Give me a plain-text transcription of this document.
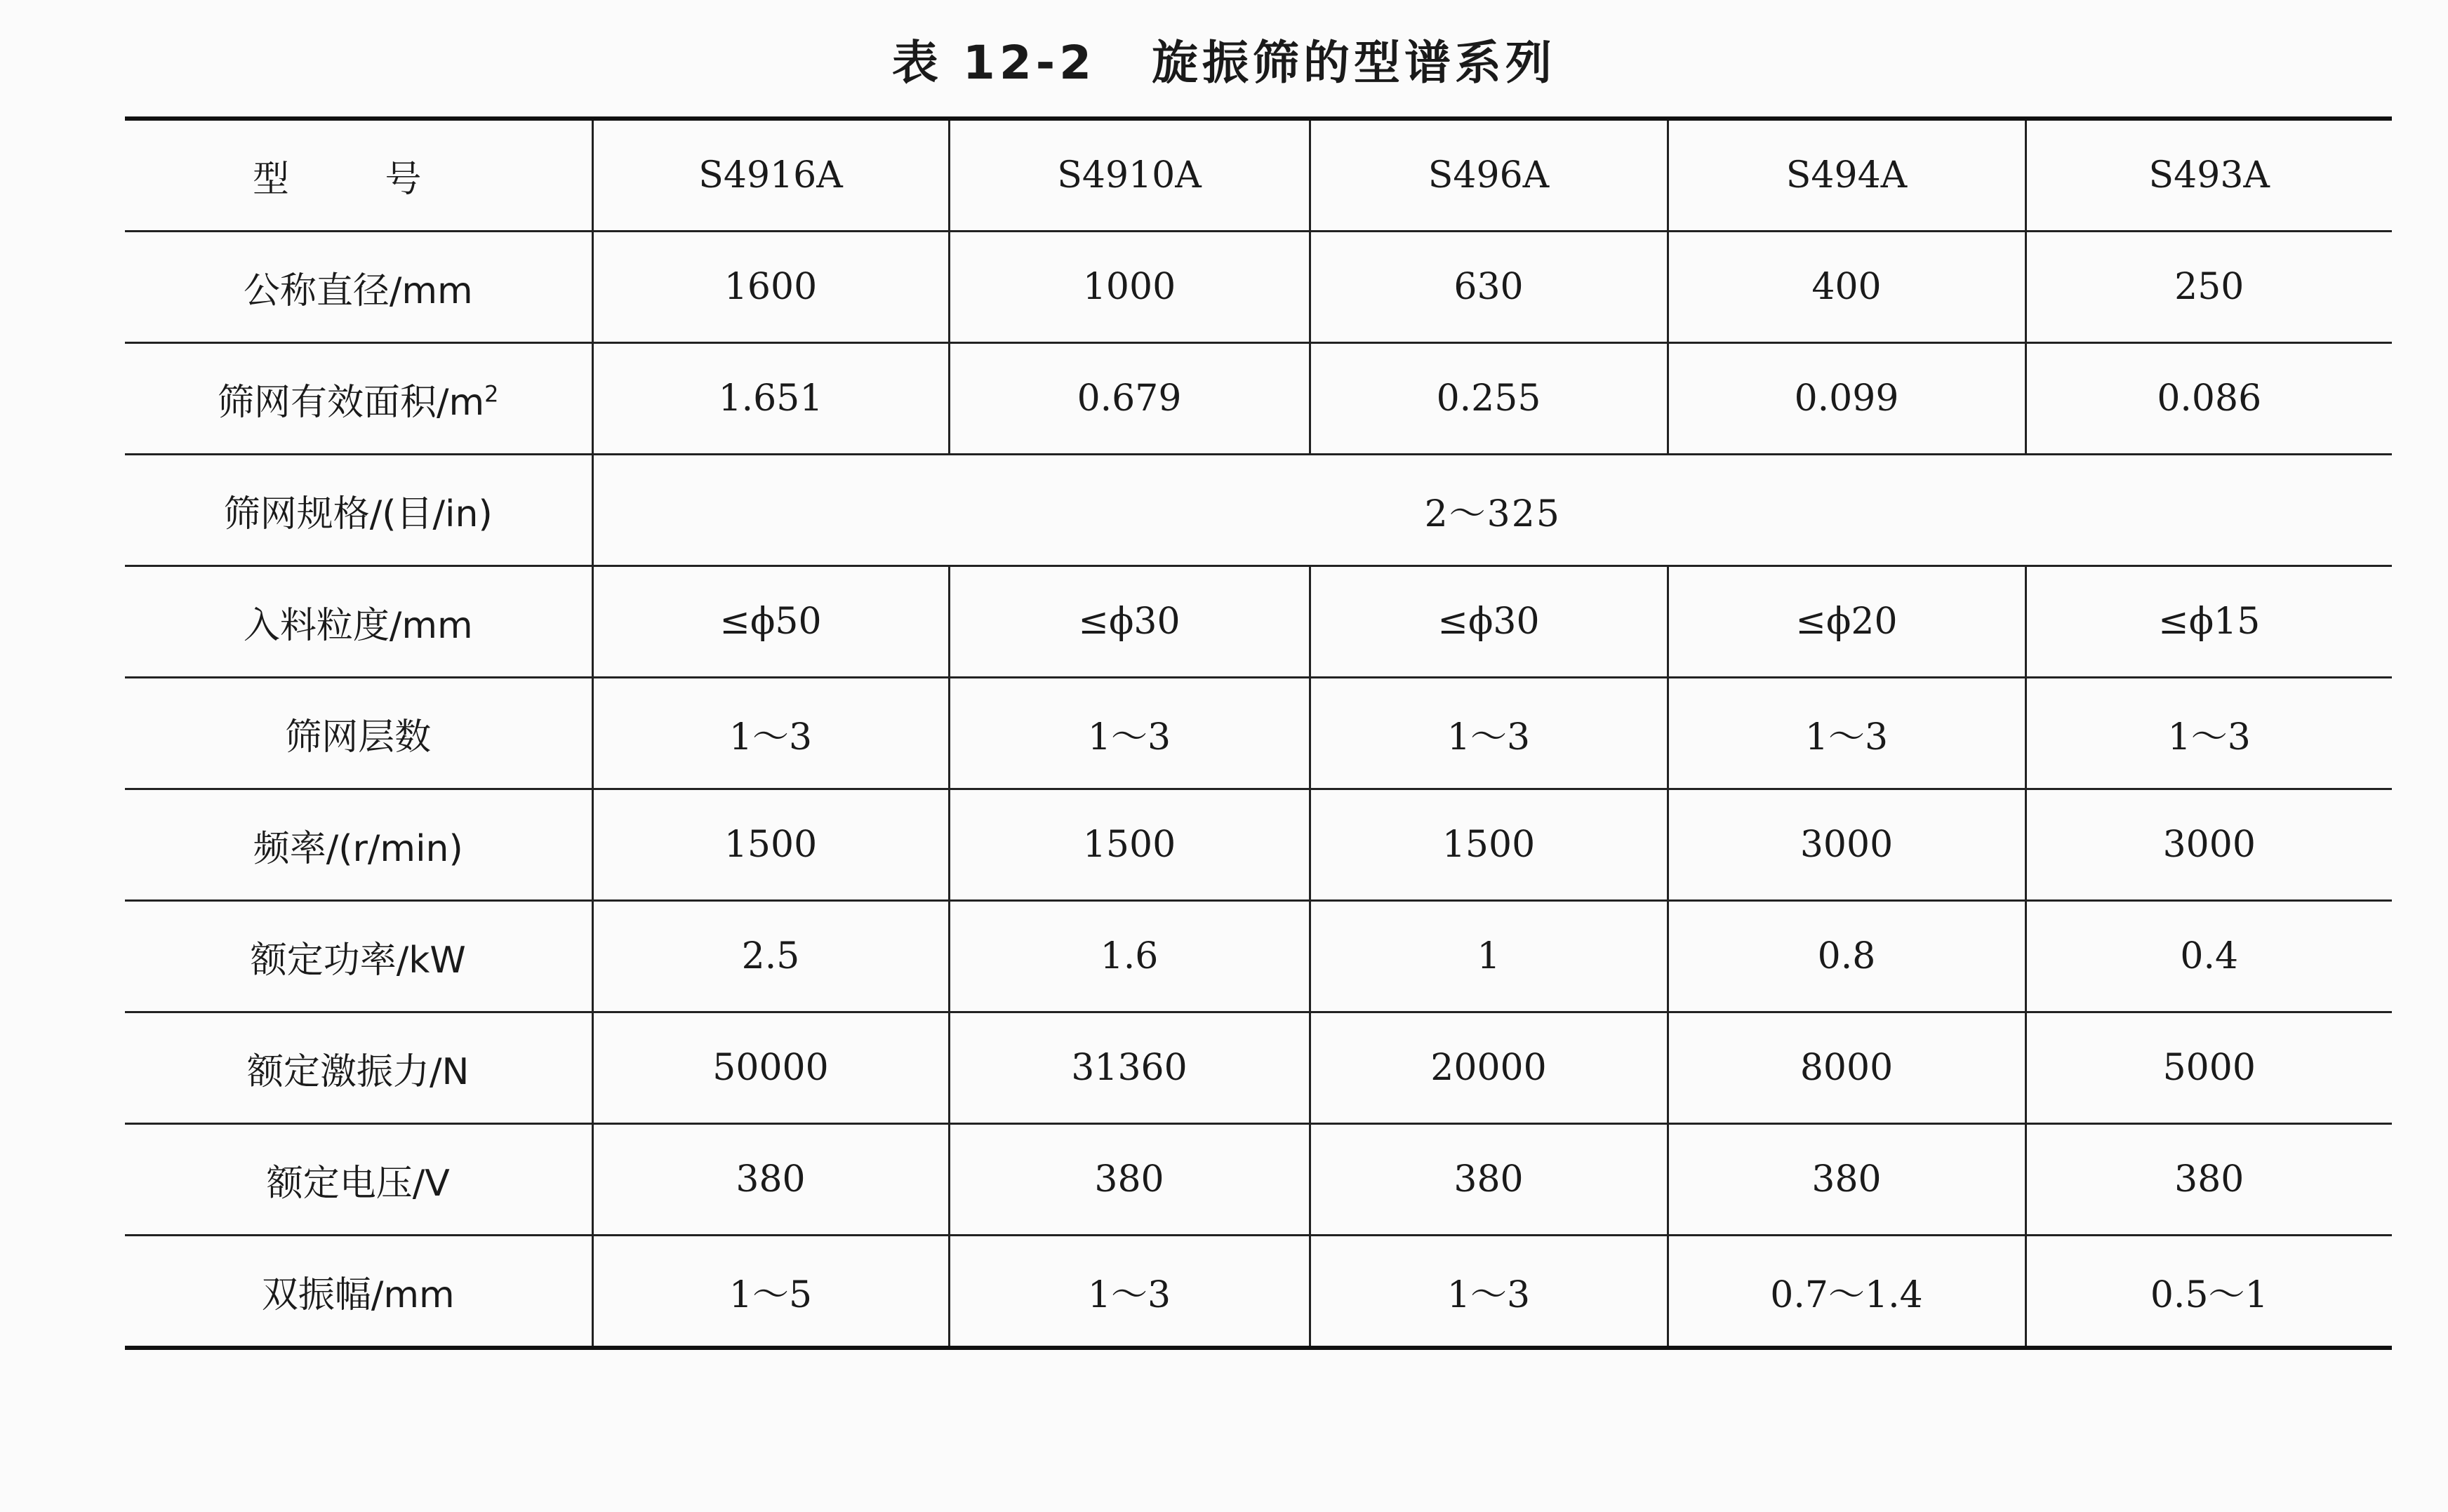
表 12-2 旋振筛的型谱系列
型 号	S4916A	S4910A	S496A	S494A	S493A
公称直径/mm	1600	1000	630	400	250
筛网有效面积$/m^2$	1.651	0.679	0.255	0.099	0.086
筛网规格/(目/in)	2～325				
入料粒度/mm	≤ϕ50	≤ϕ30	≤ϕ30	≤ϕ20	≤ϕ15
筛网层数	1～3	1～3	1～3	1～3	1～3
频率/(r/min)	1500	1500	1500	3000	3000
额定功率/kW	2.5	1.6	1	0.8	0.4
额定激振力/N	50000	31360	20000	8000	5000
额定电压/V	380	380	380	380	380
双振幅/mm	1～5	1～3	1～3	0.7～1.4	0.5～1
